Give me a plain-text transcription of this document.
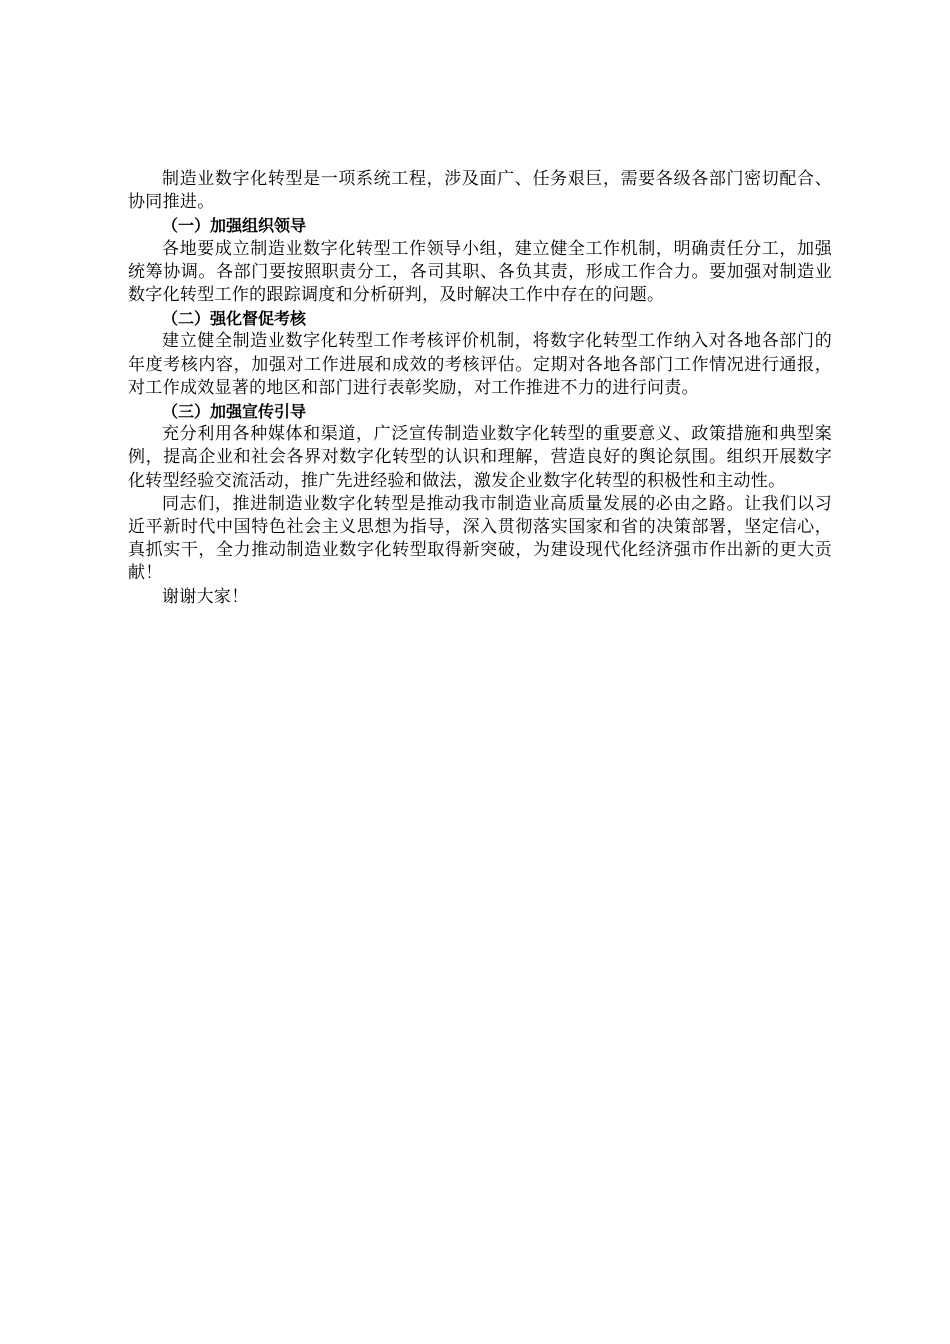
制造业数字化转型是一项系统工程，涉及面广、任务艰巨，需要各级各部门密切配合、协同推进。

（一）加强组织领导

各地要成立制造业数字化转型工作领导小组，建立健全工作机制，明确责任分工，加强统筹协调。各部门要按照职责分工，各司其职、各负其责，形成工作合力。要加强对制造业数字化转型工作的跟踪调度和分析研判，及时解决工作中存在的问题。

（二）强化督促考核

建立健全制造业数字化转型工作考核评价机制，将数字化转型工作纳入对各地各部门的年度考核内容，加强对工作进展和成效的考核评估。定期对各地各部门工作情况进行通报，对工作成效显著的地区和部门进行表彰奖励，对工作推进不力的进行问责。

（三）加强宣传引导

充分利用各种媒体和渠道，广泛宣传制造业数字化转型的重要意义、政策措施和典型案例，提高企业和社会各界对数字化转型的认识和理解，营造良好的舆论氛围。组织开展数字化转型经验交流活动，推广先进经验和做法，激发企业数字化转型的积极性和主动性。

同志们，推进制造业数字化转型是推动我市制造业高质量发展的必由之路。让我们以习近平新时代中国特色社会主义思想为指导，深入贯彻落实国家和省的决策部署，坚定信心，真抓实干，全力推动制造业数字化转型取得新突破，为建设现代化经济强市作出新的更大贡献！

谢谢大家！
